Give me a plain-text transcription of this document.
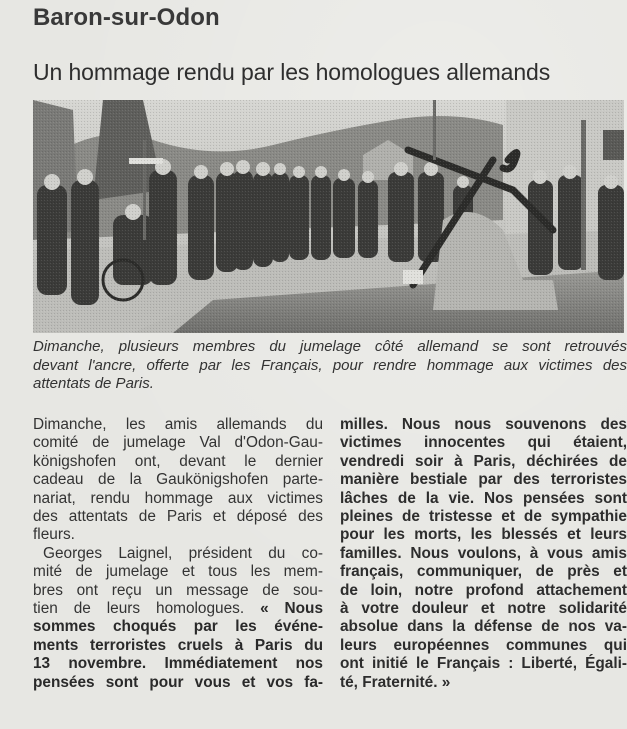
Baron-sur-Odon
Un hommage rendu par les homologues allemands

Dimanche, plusieurs membres du jumelage côté allemand se sont retrouvés
devant l'ancre, offerte par les Français, pour rendre hommage aux victimes des
attentats de Paris.

Dimanche, les amis allemands du
comité de jumelage Val d'Odon-Gau-
königshofen ont, devant le dernier
cadeau de la Gaukönigshofen parte-
nariat, rendu hommage aux victimes
des attentats de Paris et déposé des
fleurs.

Georges Laignel, président du co-
mité de jumelage et tous les mem-
bres ont reçu un message de sou-
tien de leurs homologues. « Nous
sommes choqués par les événe-
ments terroristes cruels à Paris du
13 novembre. Immédiatement nos
pensées sont pour vous et vos fa-

milles. Nous nous souvenons des
victimes innocentes qui étaient,
vendredi soir à Paris, déchirées de
manière bestiale par des terroristes
lâches de la vie. Nos pensées sont
pleines de tristesse et de sympathie
pour les morts, les blessés et leurs
familles. Nous voulons, à vous amis
français, communiquer, de près et
de loin, notre profond attachement
à votre douleur et notre solidarité
absolue dans la défense de nos va-
leurs européennes communes qui
ont initié le Français : Liberté, Égali-
té, Fraternité. »
